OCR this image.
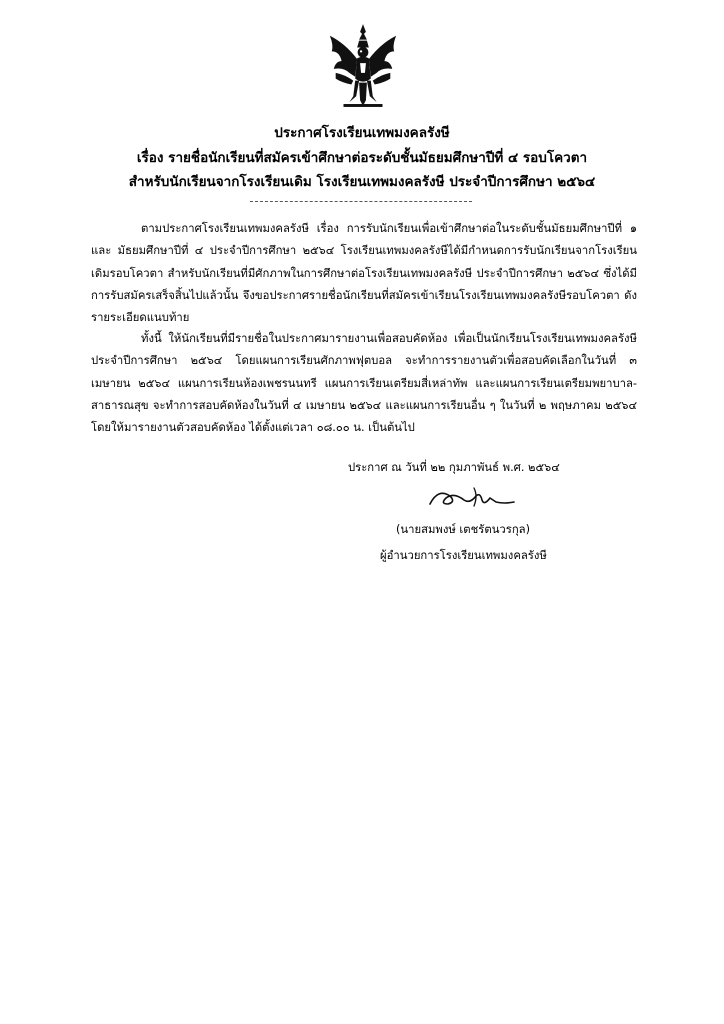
ประกาศโรงเรียนเทพมงคลรังษี
เรื่อง รายชื่อนักเรียนที่สมัครเข้าศึกษาต่อระดับชั้นมัธยมศึกษาปีที่ ๔ รอบโควตา
สำหรับนักเรียนจากโรงเรียนเดิม โรงเรียนเทพมงคลรังษี ประจำปีการศึกษา ๒๕๖๔
ตามประกาศโรงเรียนเทพมงคลรังษี เรื่อง การรับนักเรียนเพื่อเข้าศึกษาต่อในระดับชั้นมัธยมศึกษาปีที่ ๑ และ มัธยมศึกษาปีที่ ๔ ประจำปีการศึกษา ๒๕๖๔ โรงเรียนเทพมงคลรังษีได้มีกำหนดการรับนักเรียนจากโรงเรียนเดิมรอบโควตา สำหรับนักเรียนที่มีศักภาพในการศึกษาต่อโรงเรียนเทพมงคลรังษี ประจำปีการศึกษา ๒๕๖๔ ซึ่งได้มีการรับสมัครเสร็จสิ้นไปแล้วนั้น จึงขอประกาศรายชื่อนักเรียนที่สมัครเข้าเรียนโรงเรียนเทพมงคลรังษีรอบโควตา ดังรายระเอียดแนบท้าย
ทั้งนี้ ให้นักเรียนที่มีรายชื่อในประกาศมารายงานเพื่อสอบคัดห้อง เพื่อเป็นนักเรียนโรงเรียนเทพมงคลรังษีประจำปีการศึกษา ๒๕๖๔ โดยแผนการเรียนศักภาพฟุตบอล จะทำการรายงานตัวเพื่อสอบคัดเลือกในวันที่ ๓ เมษายน ๒๕๖๔ แผนการเรียนห้องเพชรนนทรี แผนการเรียนเตรียมสี่เหล่าทัพ และแผนการเรียนเตรียมพยาบาล-สาธารณสุข จะทำการสอบคัดห้องในวันที่ ๔ เมษายน ๒๕๖๔ และแผนการเรียนอื่น ๆ ในวันที่ ๒ พฤษภาคม ๒๕๖๔ โดยให้มารายงานตัวสอบคัดห้อง ได้ตั้งแต่เวลา ๐๘.๐๐ น. เป็นต้นไป
ประกาศ ณ วันที่ ๒๒ กุมภาพันธ์ พ.ศ. ๒๕๖๔
(นายสมพงษ์ เตชรัตนวรกุล)
ผู้อำนวยการโรงเรียนเทพมงคลรังษี
